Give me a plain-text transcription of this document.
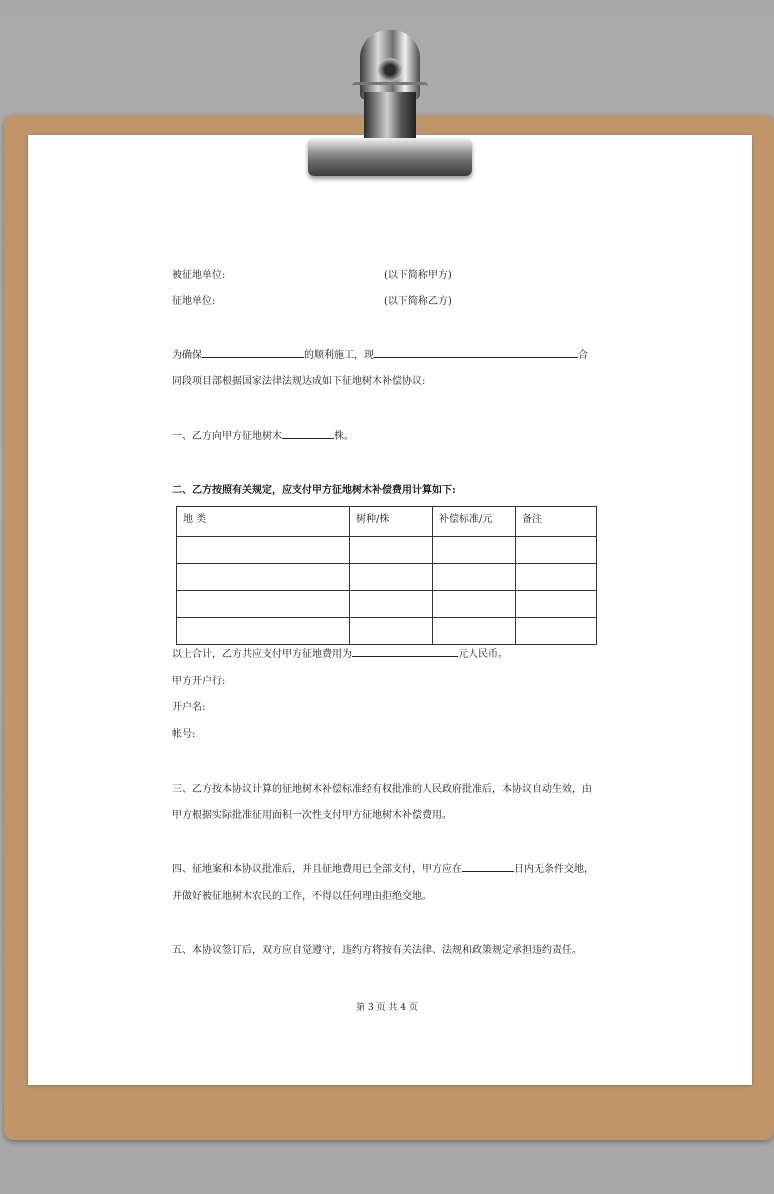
被征地单位:	(以下简称甲方)
征地单位:	(以下简称乙方)
为确保	的顺利施工，现	合
同段项目部根据国家法律法规达成如下征地树木补偿协议:
一、乙方向甲方征地树木	株。
二、乙方按照有关规定，应支付甲方征地树木补偿费用计算如下:
以上合计，乙方共应支付甲方征地费用为	元人民币。
甲方开户行:
开户名:
帐号:
三、乙方按本协议计算的征地树木补偿标准经有权批准的人民政府批准后，本协议自动生效，由
甲方根据实际批准征用面积一次性支付甲方征地树木补偿费用。
四、征地案和本协议批准后，并且征地费用已全部支付，甲方应在	日内无条件交地，
并做好被征地树木农民的工作，不得以任何理由拒绝交地。
五、本协议签订后，双方应自觉遵守，违约方将按有关法律、法规和政策规定承担违约责任。
地 类	树种/株	补偿标准/元	备注

第 3 页 共 4 页
